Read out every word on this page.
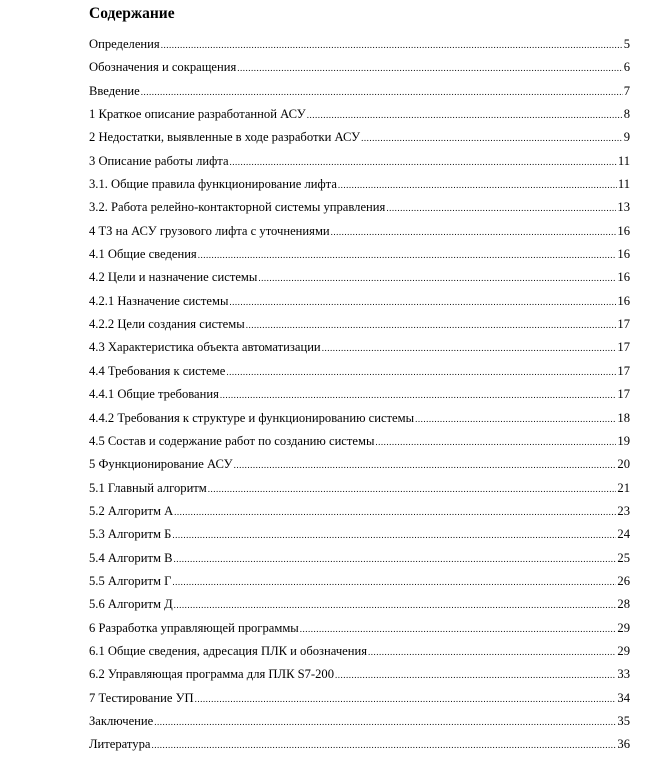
Содержание
Определения .....	5
Обозначения и сокращения .....	6
Введение .....	7
1 Краткое описание разработанной АСУ .....	8
2 Недостатки, выявленные в ходе разработки АСУ .....	9
3 Описание работы лифта .....	11
3.1. Общие правила функционирование лифта .....	11
3.2. Работа релейно-контакторной системы управления .....	13
4 ТЗ на АСУ грузового лифта с уточнениями .....	16
4.1 Общие сведения .....	16
4.2 Цели и назначение системы .....	16
4.2.1 Назначение системы .....	16
4.2.2 Цели создания системы .....	17
4.3 Характеристика объекта автоматизации .....	17
4.4 Требования к системе .....	17
4.4.1 Общие требования .....	17
4.4.2 Требования к структуре и функционированию системы .....	18
4.5 Состав и содержание работ по созданию системы .....	19
5 Функционирование АСУ .....	20
5.1 Главный алгоритм .....	21
5.2 Алгоритм А .....	23
5.3 Алгоритм Б .....	24
5.4 Алгоритм В .....	25
5.5 Алгоритм Г .....	26
5.6 Алгоритм Д .....	28
6 Разработка управляющей программы .....	29
6.1 Общие сведения, адресация ПЛК и обозначения .....	29
6.2 Управляющая программа для ПЛК S7-200 .....	33
7 Тестирование УП .....	34
Заключение .....	35
Литература .....	36
